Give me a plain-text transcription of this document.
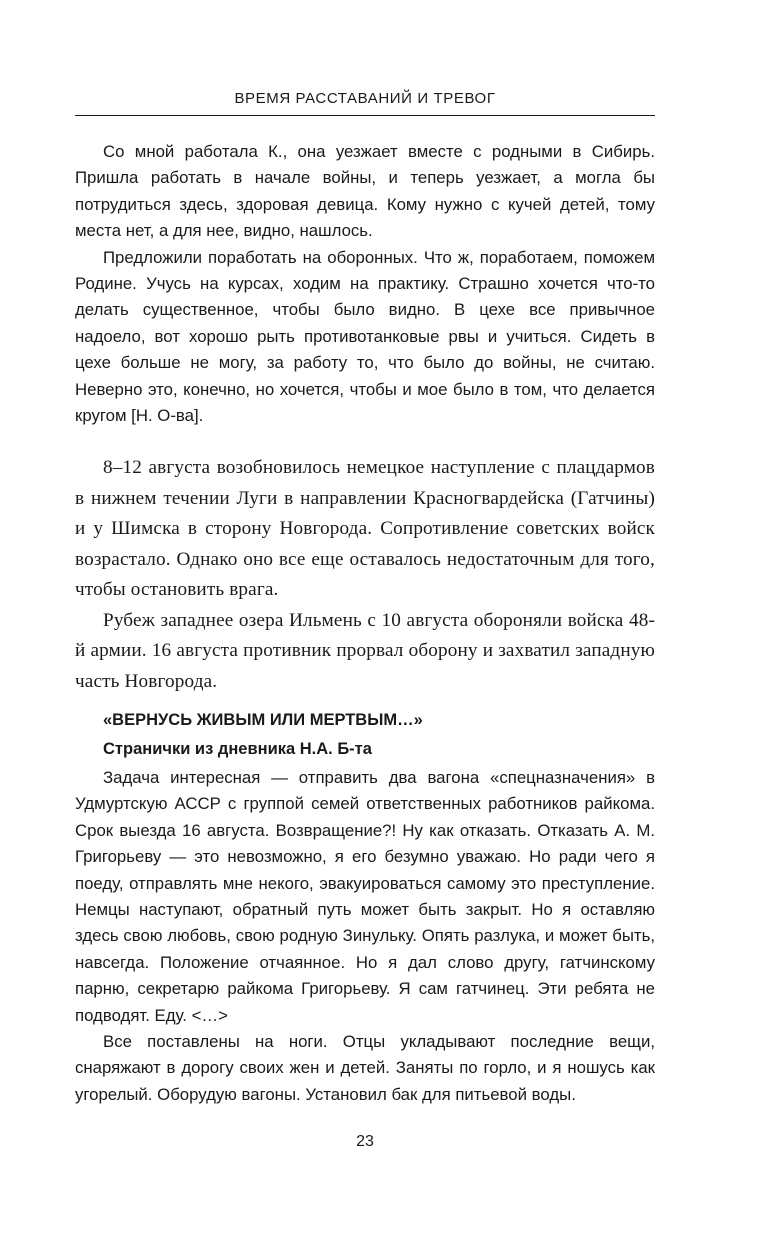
ВРЕМЯ РАССТАВАНИЙ И ТРЕВОГ

Со мной работала К., она уезжает вместе с родными в Сибирь. Пришла работать в начале войны, и теперь уезжает, а могла бы потрудиться здесь, здоровая девица. Кому нужно с кучей детей, тому места нет, а для нее, видно, нашлось.

Предложили поработать на оборонных. Что ж, поработаем, поможем Родине. Учусь на курсах, ходим на практику. Страшно хочется что-то делать существенное, чтобы было видно. В цехе все привычное надоело, вот хорошо рыть противотанковые рвы и учиться. Сидеть в цехе больше не могу, за работу то, что было до войны, не считаю. Неверно это, конечно, но хочется, чтобы и мое было в том, что делается кругом [Н. О-ва].

8–12 августа возобновилось немецкое наступление с плацдармов в нижнем течении Луги в направлении Красногвардейска (Гатчины) и у Шимска в сторону Новгорода. Сопротивление советских войск возрастало. Однако оно все еще оставалось недостаточным для того, чтобы остановить врага.

Рубеж западнее озера Ильмень с 10 августа обороняли войска 48-й армии. 16 августа противник прорвал оборону и захватил западную часть Новгорода.

«ВЕРНУСЬ ЖИВЫМ ИЛИ МЕРТВЫМ…»
Странички из дневника Н.А. Б-та

Задача интересная — отправить два вагона «спецназначения» в Удмуртскую АССР с группой семей ответственных работников райкома. Срок выезда 16 августа. Возвращение?! Ну как отказать. Отказать А. М. Григорьеву — это невозможно, я его безумно уважаю. Но ради чего я поеду, отправлять мне некого, эвакуироваться самому это преступление. Немцы наступают, обратный путь может быть закрыт. Но я оставляю здесь свою любовь, свою родную Зинульку. Опять разлука, и может быть, навсегда. Положение отчаянное. Но я дал слово другу, гатчинскому парню, секретарю райкома Григорьеву. Я сам гатчинец. Эти ребята не подводят. Еду. <…>

Все поставлены на ноги. Отцы укладывают последние вещи, снаряжают в дорогу своих жен и детей. Заняты по горло, и я ношусь как угорелый. Оборудую вагоны. Установил бак для питьевой воды.

23
